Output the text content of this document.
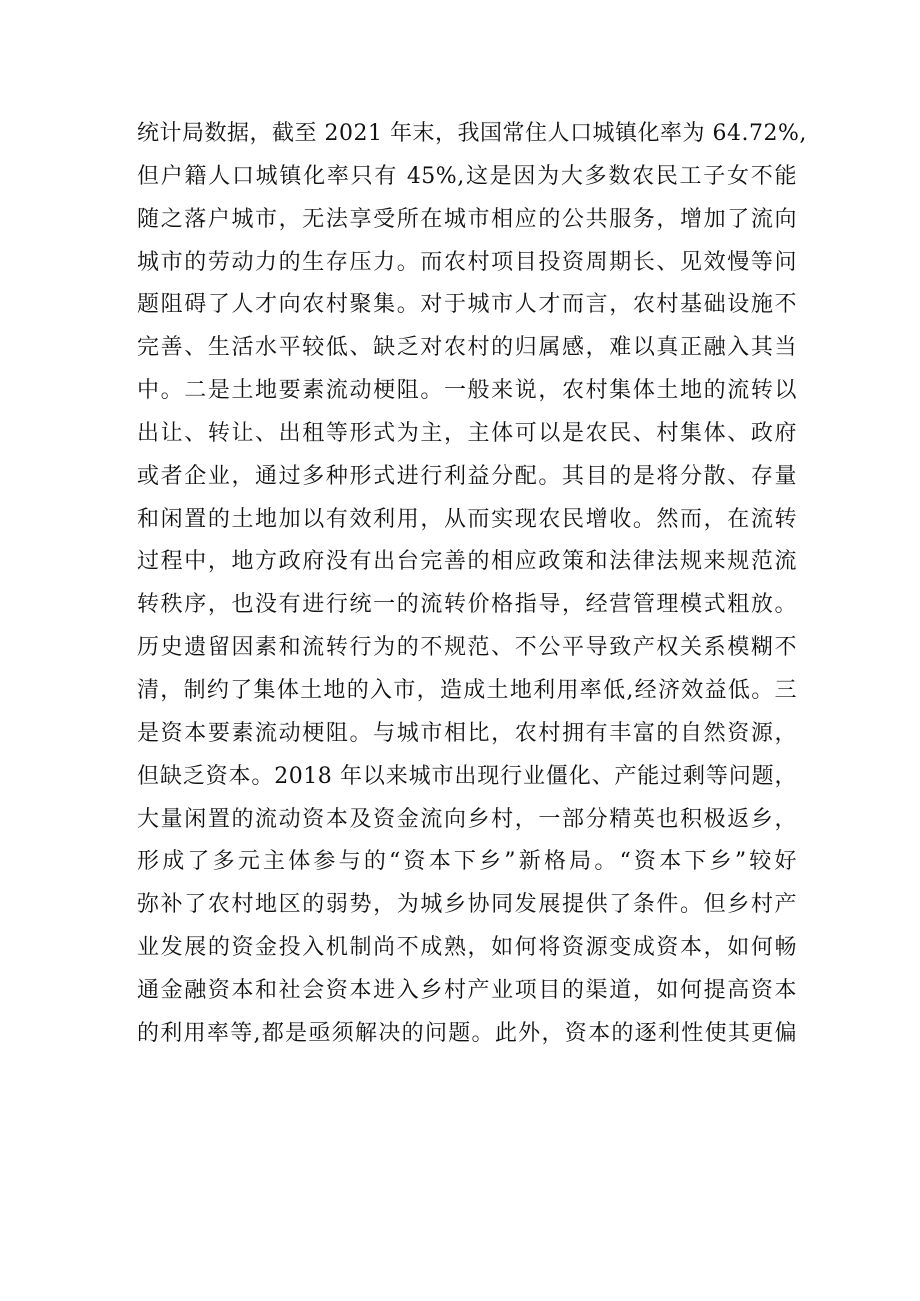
统计局数据，截至 2021 年末，我国常住人口城镇化率为 64.72%,
但户籍人口城镇化率只有 45%,这是因为大多数农民工子女不能
随之落户城市，无法享受所在城市相应的公共服务，增加了流向
城市的劳动力的生存压力。而农村项目投资周期长、见效慢等问
题阻碍了人才向农村聚集。对于城市人才而言，农村基础设施不
完善、生活水平较低、缺乏对农村的归属感，难以真正融入其当
中。二是土地要素流动梗阻。一般来说，农村集体土地的流转以
出让、转让、出租等形式为主，主体可以是农民、村集体、政府
或者企业，通过多种形式进行利益分配。其目的是将分散、存量
和闲置的土地加以有效利用，从而实现农民增收。然而，在流转
过程中，地方政府没有出台完善的相应政策和法律法规来规范流
转秩序，也没有进行统一的流转价格指导，经营管理模式粗放。
历史遗留因素和流转行为的不规范、不公平导致产权关系模糊不
清，制约了集体土地的入市，造成土地利用率低,经济效益低。三
是资本要素流动梗阻。与城市相比，农村拥有丰富的自然资源，
但缺乏资本。2018 年以来城市出现行业僵化、产能过剩等问题，
大量闲置的流动资本及资金流向乡村，一部分精英也积极返乡，
形成了多元主体参与的“资本下乡”新格局。“资本下乡”较好
弥补了农村地区的弱势，为城乡协同发展提供了条件。但乡村产
业发展的资金投入机制尚不成熟，如何将资源变成资本，如何畅
通金融资本和社会资本进入乡村产业项目的渠道，如何提高资本
的利用率等,都是亟须解决的问题。此外，资本的逐利性使其更偏
